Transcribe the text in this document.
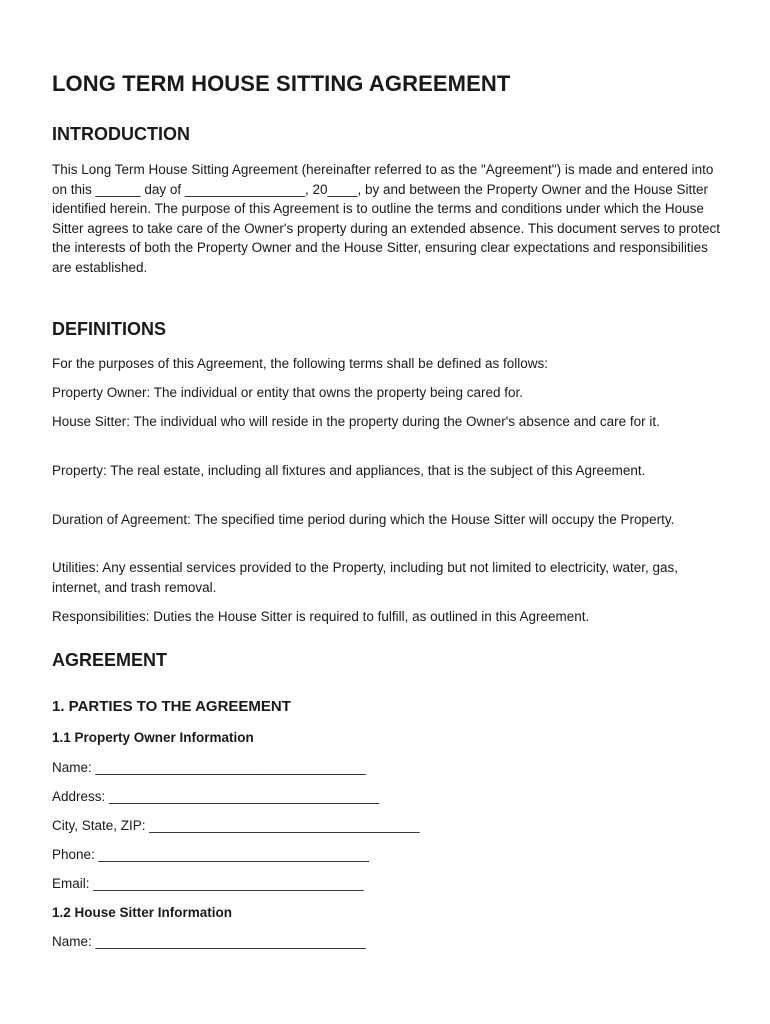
LONG TERM HOUSE SITTING AGREEMENT
INTRODUCTION

This Long Term House Sitting Agreement (hereinafter referred to as the "Agreement") is made and entered into on this ______ day of ________________, 20____, by and between the Property Owner and the House Sitter identified herein. The purpose of this Agreement is to outline the terms and conditions under which the House Sitter agrees to take care of the Owner's property during an extended absence. This document serves to protect the interests of both the Property Owner and the House Sitter, ensuring clear expectations and responsibilities are established.

DEFINITIONS

For the purposes of this Agreement, the following terms shall be defined as follows:

Property Owner: The individual or entity that owns the property being cared for.

House Sitter: The individual who will reside in the property during the Owner's absence and care for it.

Property: The real estate, including all fixtures and appliances, that is the subject of this Agreement.

Duration of Agreement: The specified time period during which the House Sitter will occupy the Property.

Utilities: Any essential services provided to the Property, including but not limited to electricity, water, gas, internet, and trash removal.

Responsibilities: Duties the House Sitter is required to fulfill, as outlined in this Agreement.

AGREEMENT
1. PARTIES TO THE AGREEMENT
1.1 Property Owner Information

Name: ____________________________________

Address: ____________________________________

City, State, ZIP: ____________________________________

Phone: ____________________________________

Email: ____________________________________

1.2 House Sitter Information

Name: ____________________________________
